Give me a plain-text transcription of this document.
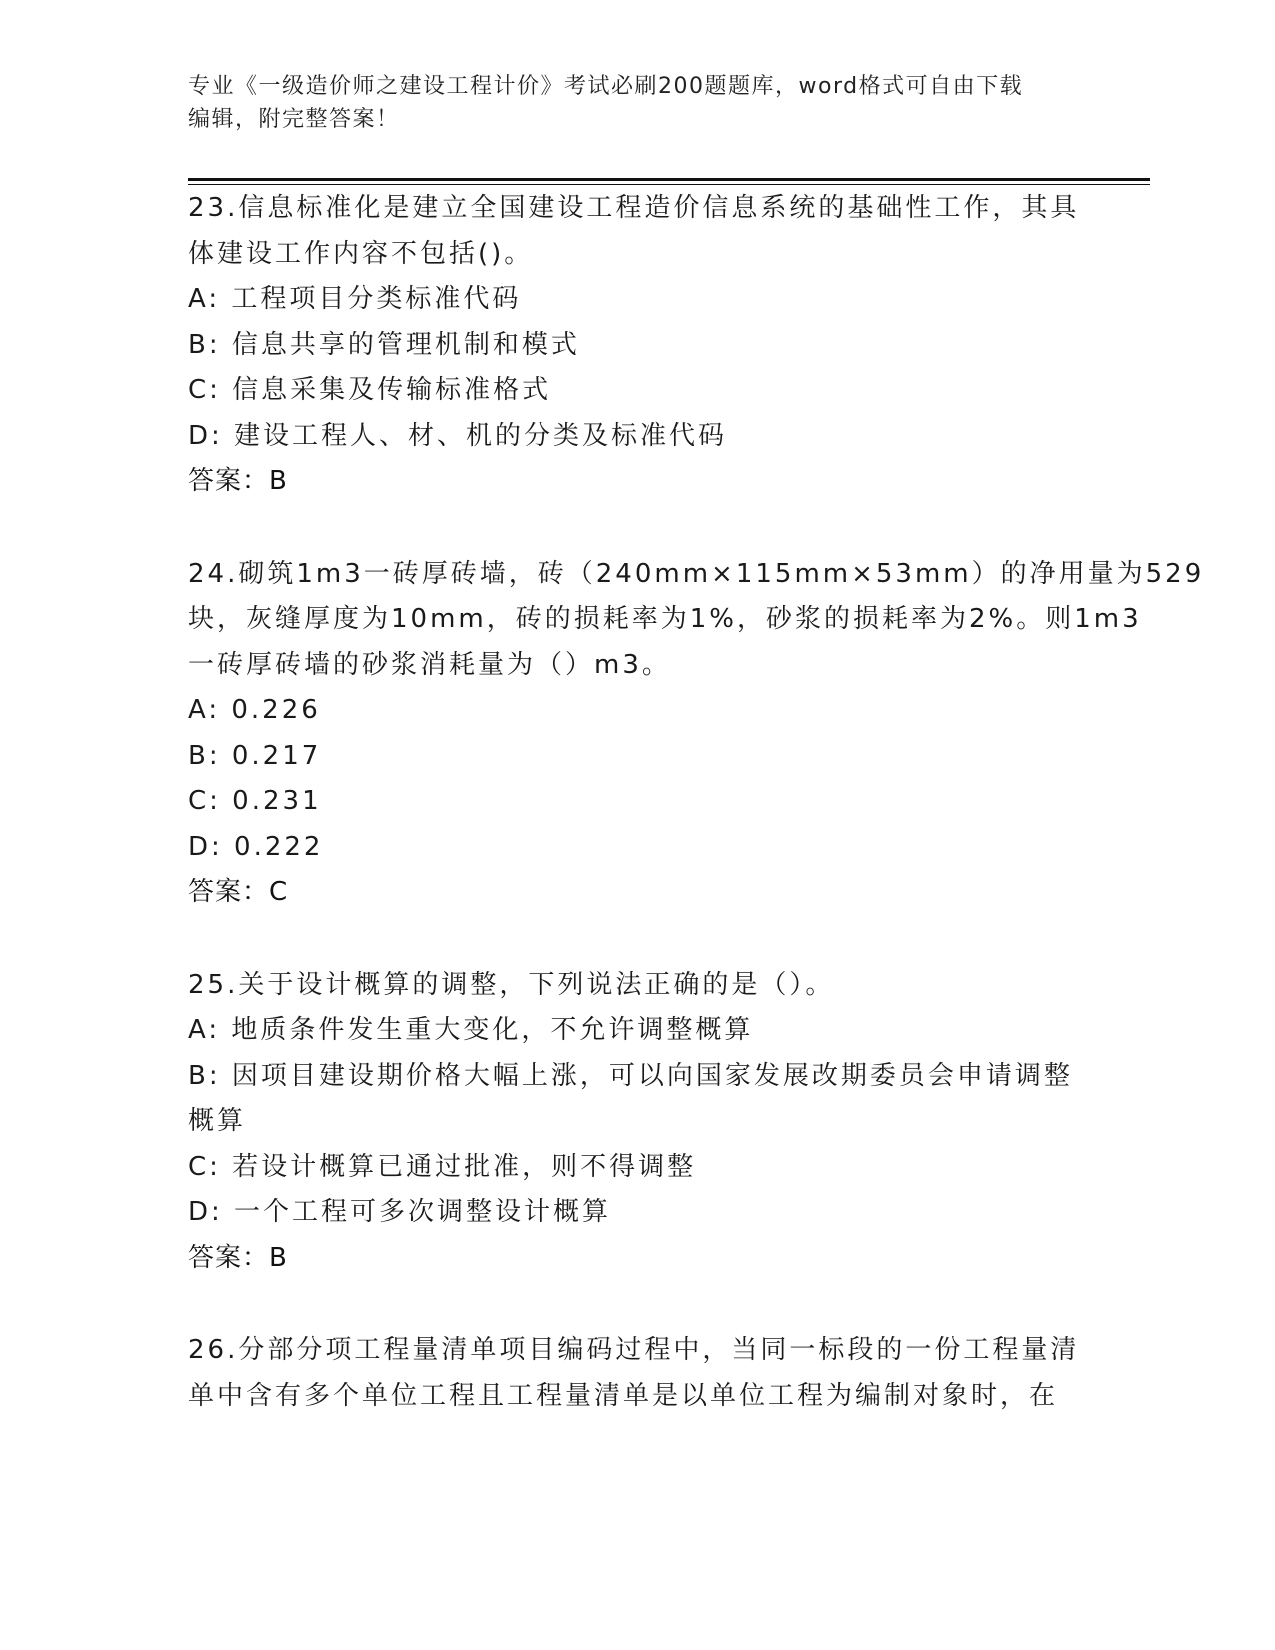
专业《一级造价师之建设工程计价》考试必刷200题题库，word格式可自由下载
编辑，附完整答案！
23.信息标准化是建立全国建设工程造价信息系统的基础性工作，其具
体建设工作内容不包括()。
A: 工程项目分类标准代码
B: 信息共享的管理机制和模式
C: 信息采集及传输标准格式
D: 建设工程人、材、机的分类及标准代码
答案：B
24.砌筑1m3一砖厚砖墙，砖（240mm×115mm×53mm）的净用量为529
块，灰缝厚度为10mm，砖的损耗率为1%，砂浆的损耗率为2%。则1m3
一砖厚砖墙的砂浆消耗量为（）m3。
A: 0.226
B: 0.217
C: 0.231
D: 0.222
答案：C
25.关于设计概算的调整，下列说法正确的是（）。
A: 地质条件发生重大变化，不允许调整概算
B: 因项目建设期价格大幅上涨，可以向国家发展改期委员会申请调整
概算
C: 若设计概算已通过批准，则不得调整
D: 一个工程可多次调整设计概算
答案：B
26.分部分项工程量清单项目编码过程中，当同一标段的一份工程量清
单中含有多个单位工程且工程量清单是以单位工程为编制对象时，在
